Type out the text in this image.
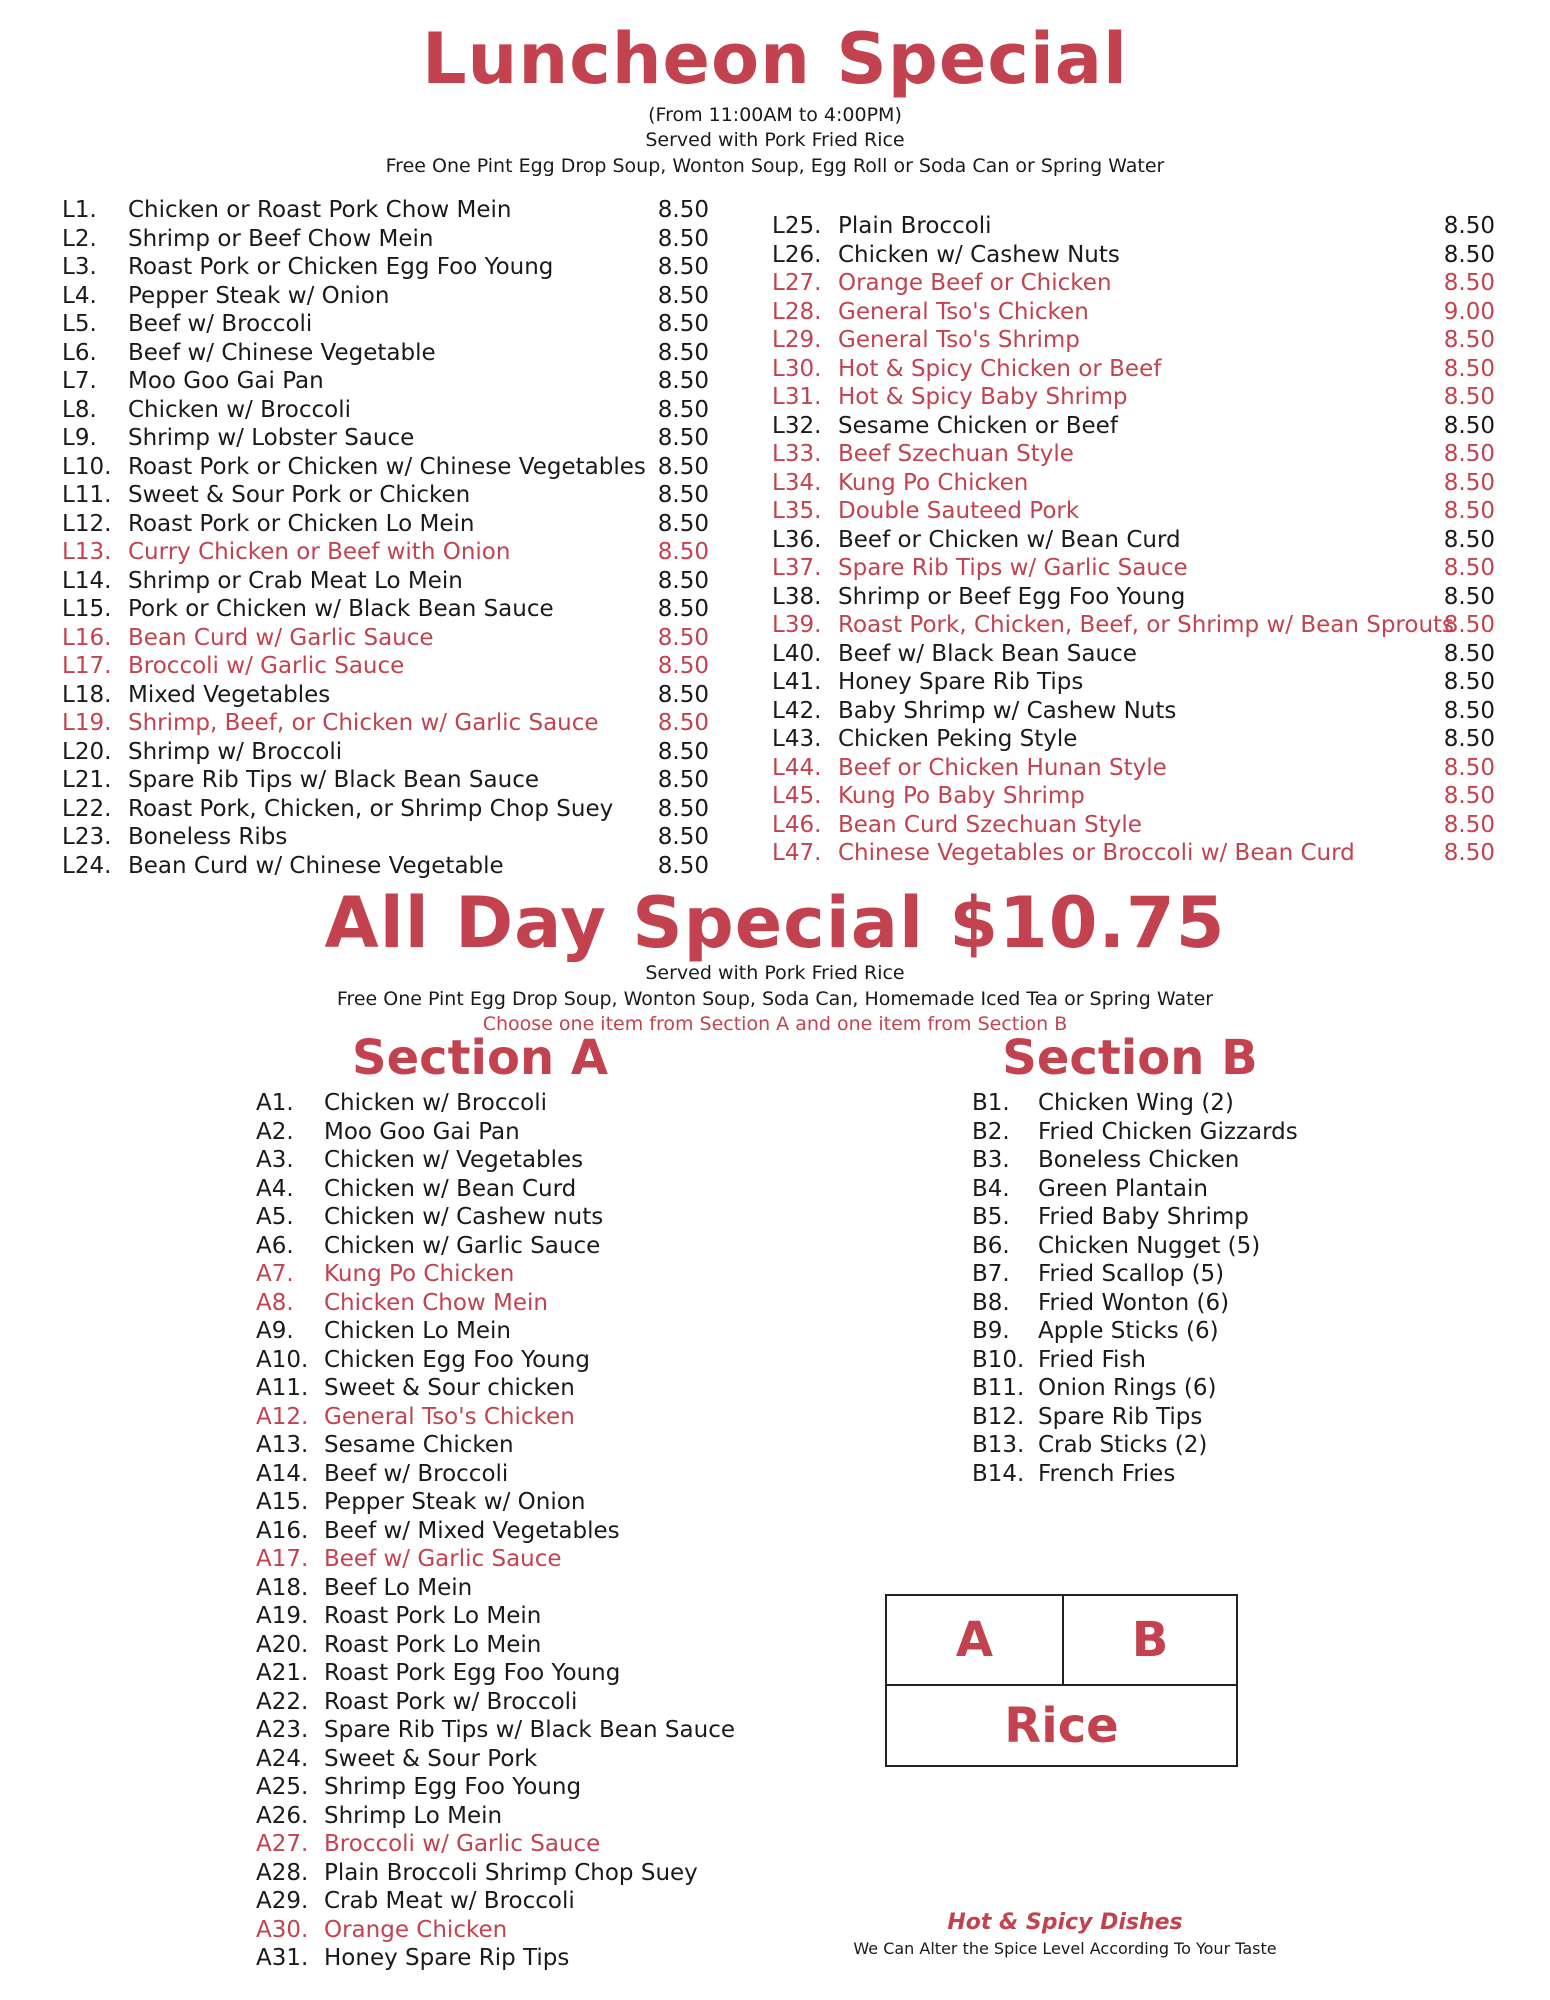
Luncheon Special
(From 11:00AM to 4:00PM)
Served with Pork Fried Rice
Free One Pint Egg Drop Soup, Wonton Soup, Egg Roll or Soda Can or Spring Water
L1. Chicken or Roast Pork Chow Mein	8.50
L2. Shrimp or Beef Chow Mein	8.50
L3. Roast Pork or Chicken Egg Foo Young	8.50
L4. Pepper Steak w/ Onion	8.50
L5. Beef w/ Broccoli	8.50
L6. Beef w/ Chinese Vegetable	8.50
L7. Moo Goo Gai Pan	8.50
L8. Chicken w/ Broccoli	8.50
L9. Shrimp w/ Lobster Sauce	8.50
L10. Roast Pork or Chicken w/ Chinese Vegetables 8.50
L11. Sweet & Sour Pork or Chicken	8.50
L12. Roast Pork or Chicken Lo Mein	8.50
L13. Curry Chicken or Beef with Onion	8.50
L14. Shrimp or Crab Meat Lo Mein	8.50
L15. Pork or Chicken w/ Black Bean Sauce	8.50
L16. Bean Curd w/ Garlic Sauce	8.50
L17. Broccoli w/ Garlic Sauce	8.50
L18. Mixed Vegetables	8.50
L19. Shrimp, Beef, or Chicken w/ Garlic Sauce	8.50
L20. Shrimp w/ Broccoli	8.50
L21. Spare Rib Tips w/ Black Bean Sauce	8.50
L22. Roast Pork, Chicken, or Shrimp Chop Suey	8.50
L23. Boneless Ribs	8.50
L24. Bean Curd w/ Chinese Vegetable	8.50
L25. Plain Broccoli	8.50
L26. Chicken w/ Cashew Nuts	8.50
L27. Orange Beef or Chicken	8.50
L28. General Tso's Chicken	9.00
L29. General Tso's Shrimp	8.50
L30. Hot & Spicy Chicken or Beef	8.50
L31. Hot & Spicy Baby Shrimp	8.50
L32. Sesame Chicken or Beef	8.50
L33. Beef Szechuan Style	8.50
L34. Kung Po Chicken	8.50
L35. Double Sauteed Pork	8.50
L36. Beef or Chicken w/ Bean Curd	8.50
L37. Spare Rib Tips w/ Garlic Sauce	8.50
L38. Shrimp or Beef Egg Foo Young	8.50
L39. Roast Pork, Chicken, Beef, or Shrimp w/ Bean Sprouts
8.50
L40. Beef w/ Black Bean Sauce	8.50
L41. Honey Spare Rib Tips	8.50
L42. Baby Shrimp w/ Cashew Nuts	8.50
L43. Chicken Peking Style	8.50
L44. Beef or Chicken Hunan Style	8.50
L45. Kung Po Baby Shrimp	8.50
L46. Bean Curd Szechuan Style	8.50
L47. Chinese Vegetables or Broccoli w/ Bean Curd	8.50
All Day Special $10.75
Served with Pork Fried Rice
Free One Pint Egg Drop Soup, Wonton Soup, Soda Can, Homemade Iced Tea or Spring Water
Choose one item from Section A and one item from Section B
Section A	Section B
A1. Chicken w/ Broccoli
A2. Moo Goo Gai Pan
A3. Chicken w/ Vegetables
A4. Chicken w/ Bean Curd
A5. Chicken w/ Cashew nuts
A6. Chicken w/ Garlic Sauce
A7. Kung Po Chicken
A8. Chicken Chow Mein
A9. Chicken Lo Mein
A10. Chicken Egg Foo Young
A11. Sweet & Sour chicken
A12. General Tso's Chicken
A13. Sesame Chicken
A14. Beef w/ Broccoli
A15. Pepper Steak w/ Onion
A16. Beef w/ Mixed Vegetables
A17. Beef w/ Garlic Sauce
A18. Beef Lo Mein
A19. Roast Pork Lo Mein
A20. Roast Pork Lo Mein
A21. Roast Pork Egg Foo Young
A22. Roast Pork w/ Broccoli
A23. Spare Rib Tips w/ Black Bean Sauce
A24. Sweet & Sour Pork
A25. Shrimp Egg Foo Young
A26. Shrimp Lo Mein
A27. Broccoli w/ Garlic Sauce
A28. Plain Broccoli Shrimp Chop Suey
A29. Crab Meat w/ Broccoli
A30. Orange Chicken
A31. Honey Spare Rip Tips
B1. Chicken Wing (2)
B2. Fried Chicken Gizzards
B3. Boneless Chicken
B4. Green Plantain
B5. Fried Baby Shrimp
B6. Chicken Nugget (5)
B7. Fried Scallop (5)
B8. Fried Wonton (6)
B9. Apple Sticks (6)
B10. Fried Fish
B11. Onion Rings (6)
B12. Spare Rib Tips
B13. Crab Sticks (2)
B14. French Fries
A	B
Rice
Hot & Spicy Dishes
We Can Alter the Spice Level According To Your Taste
